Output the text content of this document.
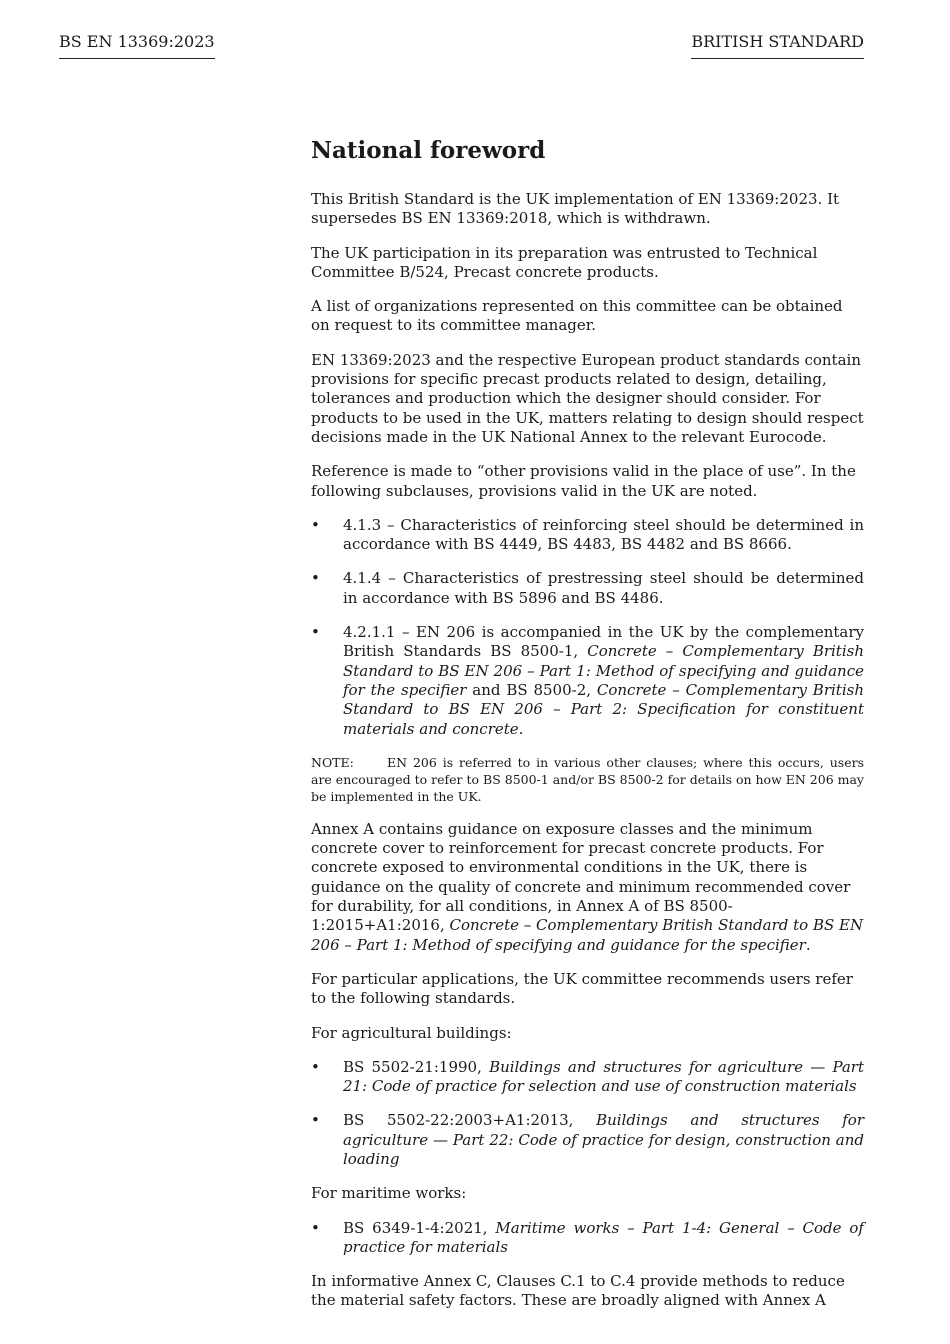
BS EN 13369:2023	BRITISH STANDARD
National foreword

This British Standard is the UK implementation of EN 13369:2023. It supersedes BS EN 13369:2018, which is withdrawn.

The UK participation in its preparation was entrusted to Technical Committee B/524, Precast concrete products.

A list of organizations represented on this committee can be obtained on request to its committee manager.

EN 13369:2023 and the respective European product standards contain provisions for specific precast products related to design, detailing, tolerances and production which the designer should consider. For products to be used in the UK, matters relating to design should respect decisions made in the UK National Annex to the relevant Eurocode.

Reference is made to “other provisions valid in the place of use”. In the following subclauses, provisions valid in the UK are noted.

• 4.1.3 – Characteristics of reinforcing steel should be determined in accordance with BS 4449, BS 4483, BS 4482 and BS 8666.
• 4.1.4 – Characteristics of prestressing steel should be determined in accordance with BS 5896 and BS 4486.
• 4.2.1.1 – EN 206 is accompanied in the UK by the complementary British Standards BS 8500-1, Concrete – Complementary British Standard to BS EN 206 – Part 1: Method of specifying and guidance for the specifier and BS 8500-2, Concrete – Complementary British Standard to BS EN 206 – Part 2: Specification for constituent materials and concrete.
NOTE:	EN 206 is referred to in various other clauses; where this occurs, users are encouraged to refer to BS 8500-1 and/or BS 8500-2 for details on how EN 206 may be implemented in the UK.

Annex A contains guidance on exposure classes and the minimum concrete cover to reinforcement for precast concrete products. For concrete exposed to environmental conditions in the UK, there is guidance on the quality of concrete and minimum recommended cover for durability, for all conditions, in Annex A of BS 8500-1:2015+A1:2016, Concrete – Complementary British Standard to BS EN 206 – Part 1: Method of specifying and guidance for the specifier.

For particular applications, the UK committee recommends users refer to the following standards.

For agricultural buildings:

• BS 5502-21:1990, Buildings and structures for agriculture — Part 21: Code of practice for selection and use of construction materials
• BS 5502-22:2003+A1:2013, Buildings and structures for agriculture — Part 22: Code of practice for design, construction and loading

For maritime works:

• BS 6349-1-4:2021, Maritime works – Part 1-4: General – Code of practice for materials

In informative Annex C, Clauses C.1 to C.4 provide methods to reduce the material safety factors. These are broadly aligned with Annex A
